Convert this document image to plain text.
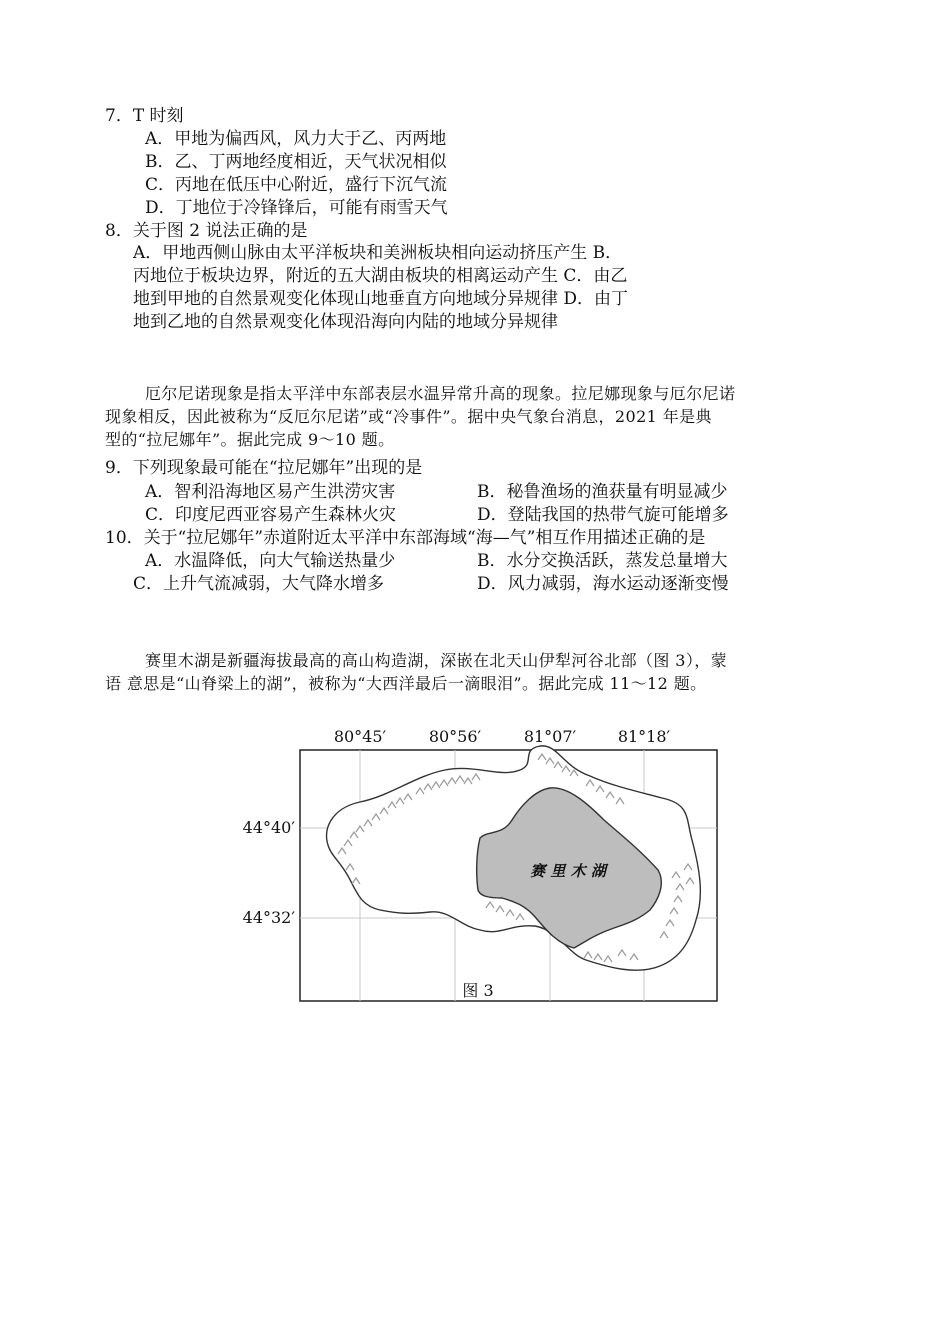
7．T 时刻
A．甲地为偏西风，风力大于乙、丙两地
B．乙、丁两地经度相近，天气状况相似
C．丙地在低压中心附近，盛行下沉气流
D．丁地位于冷锋锋后，可能有雨雪天气
8．关于图 2 说法正确的是
A．甲地西侧山脉由太平洋板块和美洲板块相向运动挤压产生 B．
丙地位于板块边界，附近的五大湖由板块的相离运动产生 C．由乙
地到甲地的自然景观变化体现山地垂直方向地域分异规律 D．由丁
地到乙地的自然景观变化体现沿海向内陆的地域分异规律
厄尔尼诺现象是指太平洋中东部表层水温异常升高的现象。拉尼娜现象与厄尔尼诺
现象相反，因此被称为“反厄尔尼诺”或“冷事件”。据中央气象台消息，2021 年是典
型的“拉尼娜年”。据此完成 9～10 题。
9．下列现象最可能在“拉尼娜年”出现的是
A．智利沿海地区易产生洪涝灾害	B．秘鲁渔场的渔获量有明显减少
C．印度尼西亚容易产生森林火灾	D．登陆我国的热带气旋可能增多
10．关于“拉尼娜年”赤道附近太平洋中东部海域“海—气”相互作用描述正确的是
A．水温降低，向大气输送热量少	B．水分交换活跃，蒸发总量增大
C．上升气流减弱，大气降水增多	D．风力减弱，海水运动逐渐变慢
赛里木湖是新疆海拔最高的高山构造湖，深嵌在北天山伊犁河谷北部（图 3），蒙
语 意思是“山脊梁上的湖”，被称为“大西洋最后一滴眼泪”。据此完成 11～12 题。
80°45′	80°56′	81°07′	81°18′
44°40′
44°32′
赛 里 木 湖
图 3
